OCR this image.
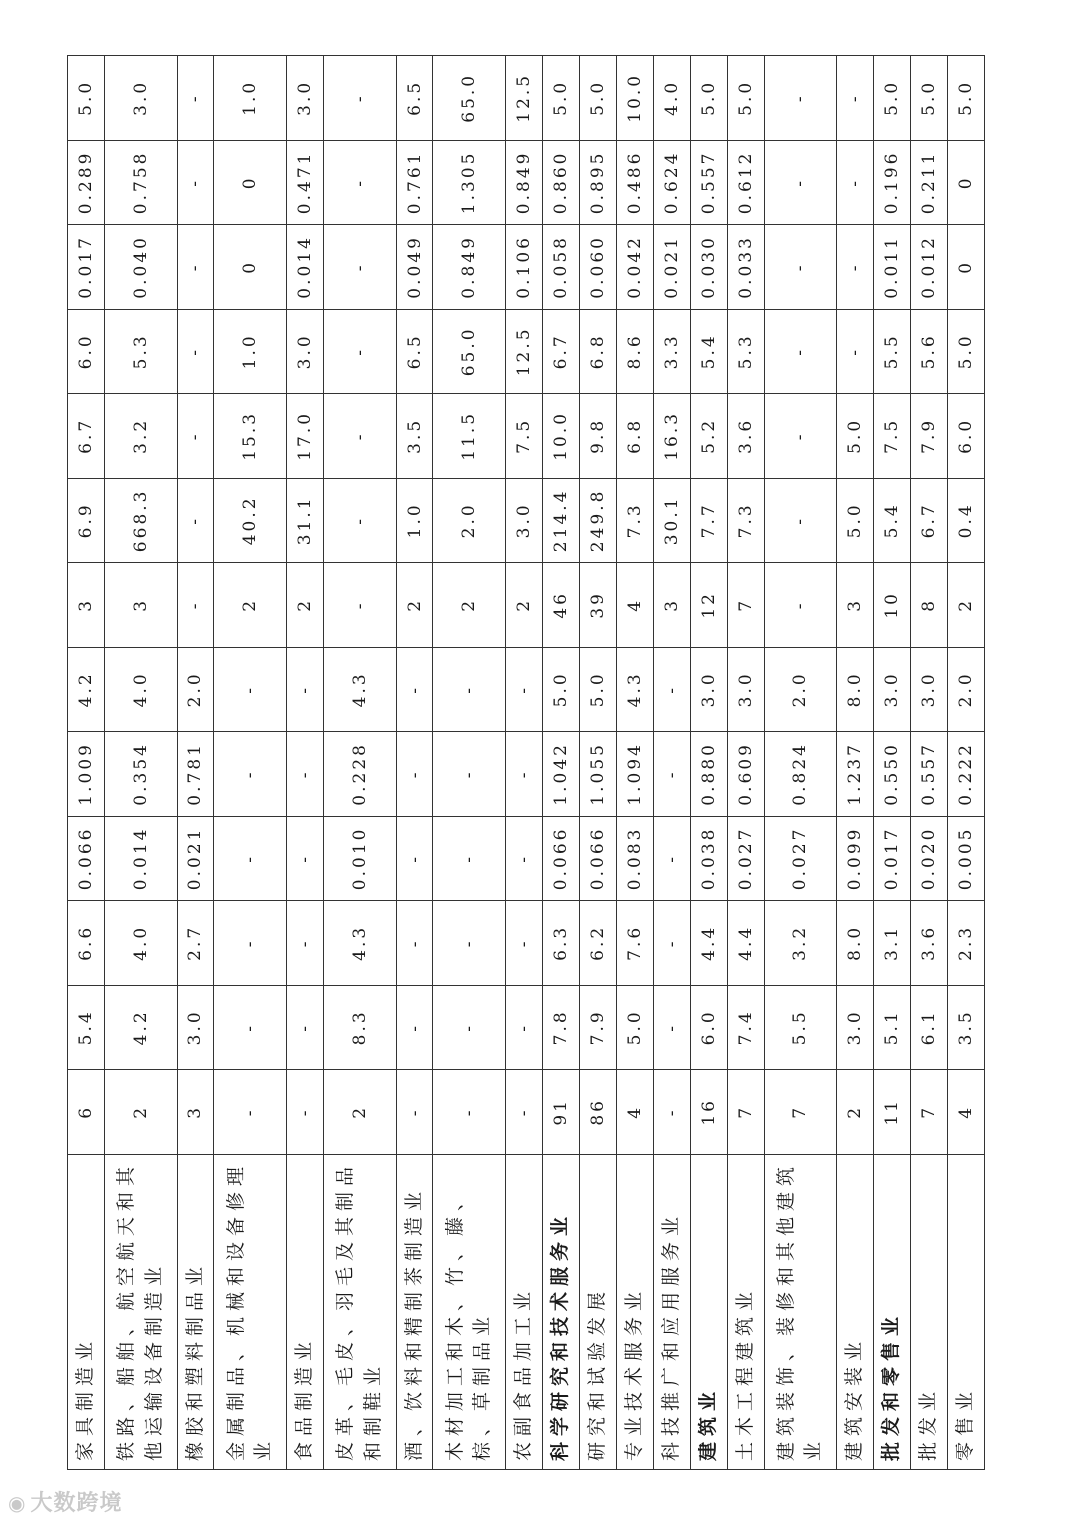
家具制造业	6	5.4	6.6	0.066	1.009	4.2	3	6.9	6.7	6.0	0.017	0.289	5.0
铁路、船舶、航空航天和其他运输设备制造业	2	4.2	4.0	0.014	0.354	4.0	3	668.3	3.2	5.3	0.040	0.758	3.0
橡胶和塑料制品业	3	3.0	2.7	0.021	0.781	2.0	-	-	-	-	-	-	-
金属制品、机械和设备修理业	-	-	-	-	-	-	2	40.2	15.3	1.0	0	0	1.0
食品制造业	-	-	-	-	-	-	2	31.1	17.0	3.0	0.014	0.471	3.0
皮革、毛皮、羽毛及其制品和制鞋业	2	8.3	4.3	0.010	0.228	4.3	-	-	-	-	-	-	-
酒、饮料和精制茶制造业	-	-	-	-	-	-	2	1.0	3.5	6.5	0.049	0.761	6.5
木材加工和木、竹、藤、棕、草制品业	-	-	-	-	-	-	2	2.0	11.5	65.0	0.849	1.305	65.0
农副食品加工业	-	-	-	-	-	-	2	3.0	7.5	12.5	0.106	0.849	12.5
科学研究和技术服务业	91	7.8	6.3	0.066	1.042	5.0	46	214.4	10.0	6.7	0.058	0.860	5.0
研究和试验发展	86	7.9	6.2	0.066	1.055	5.0	39	249.8	9.8	6.8	0.060	0.895	5.0
专业技术服务业	4	5.0	7.6	0.083	1.094	4.3	4	7.3	6.8	8.6	0.042	0.486	10.0
科技推广和应用服务业	-	-	-	-	-	-	3	30.1	16.3	3.3	0.021	0.624	4.0
建筑业	16	6.0	4.4	0.038	0.880	3.0	12	7.7	5.2	5.4	0.030	0.557	5.0
土木工程建筑业	7	7.4	4.4	0.027	0.609	3.0	7	7.3	3.6	5.3	0.033	0.612	5.0
建筑装饰、装修和其他建筑业	7	5.5	3.2	0.027	0.824	2.0	-	-	-	-	-	-	-
建筑安装业	2	3.0	8.0	0.099	1.237	8.0	3	5.0	5.0	-	-	-	-
批发和零售业	11	5.1	3.1	0.017	0.550	3.0	10	5.4	7.5	5.5	0.011	0.196	5.0
批发业	7	6.1	3.6	0.020	0.557	3.0	8	6.7	7.9	5.6	0.012	0.211	5.0
零售业	4	3.5	2.3	0.005	0.222	2.0	2	0.4	6.0	5.0	0	0	5.0
◉ 大数跨境
